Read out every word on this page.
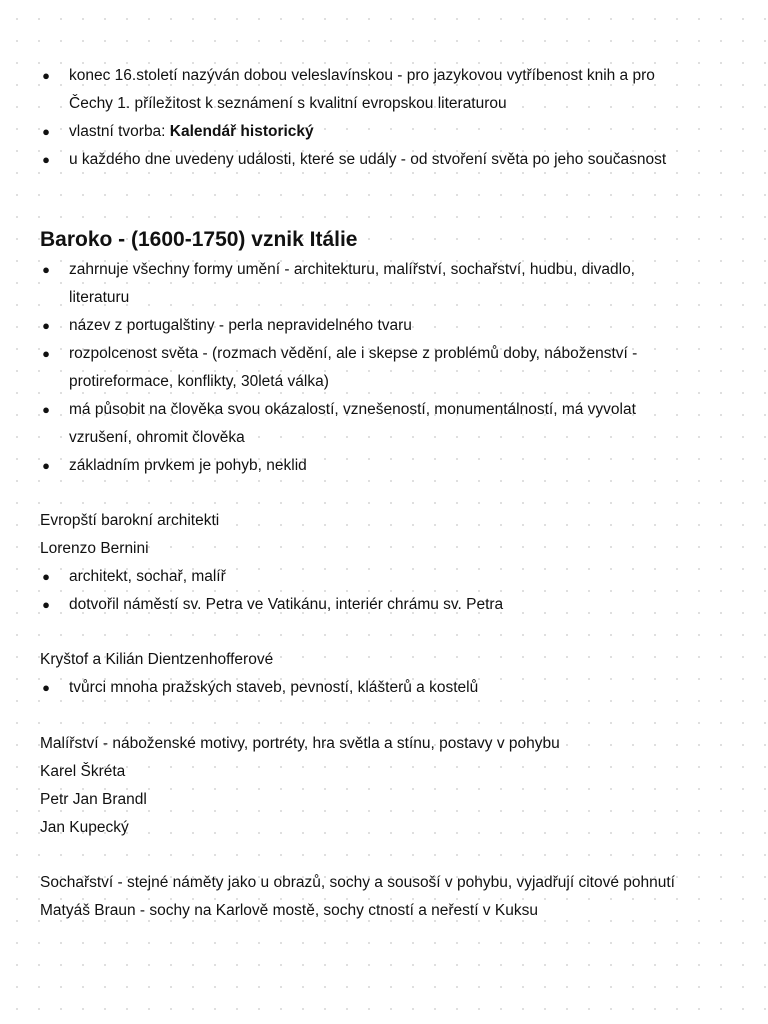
● konec 16.století nazýván dobou veleslavínskou - pro jazykovou vytříbenost knih a pro
Čechy 1. příležitost k seznámení s kvalitní evropskou literaturou
● vlastní tvorba: Kalendář historický
● u každého dne uvedeny události, které se udály - od stvoření světa po jeho současnost
Baroko - (1600-1750) vznik Itálie
● zahrnuje všechny formy umění - architekturu, malířství, sochařství, hudbu, divadlo,
literaturu
● název z portugalštiny - perla nepravidelného tvaru
● rozpolcenost světa - (rozmach vědění, ale i skepse z problémů doby, náboženství -
protireformace, konflikty, 30letá válka)
● má působit na člověka svou okázalostí, vznešeností, monumentálností, má vyvolat
vzrušení, ohromit člověka
● základním prvkem je pohyb, neklid
Evropští barokní architekti
Lorenzo Bernini
● architekt, sochař, malíř
● dotvořil náměstí sv. Petra ve Vatikánu, interiér chrámu sv. Petra
Kryštof a Kilián Dientzenhofferové
● tvůrci mnoha pražských staveb, pevností, klášterů a kostelů
Malířství - náboženské motivy, portréty, hra světla a stínu, postavy v pohybu
Karel Škréta
Petr Jan Brandl
Jan Kupecký
Sochařství - stejné náměty jako u obrazů, sochy a sousoší v pohybu, vyjadřují citové pohnutí
Matyáš Braun - sochy na Karlově mostě, sochy ctností a neřestí v Kuksu
